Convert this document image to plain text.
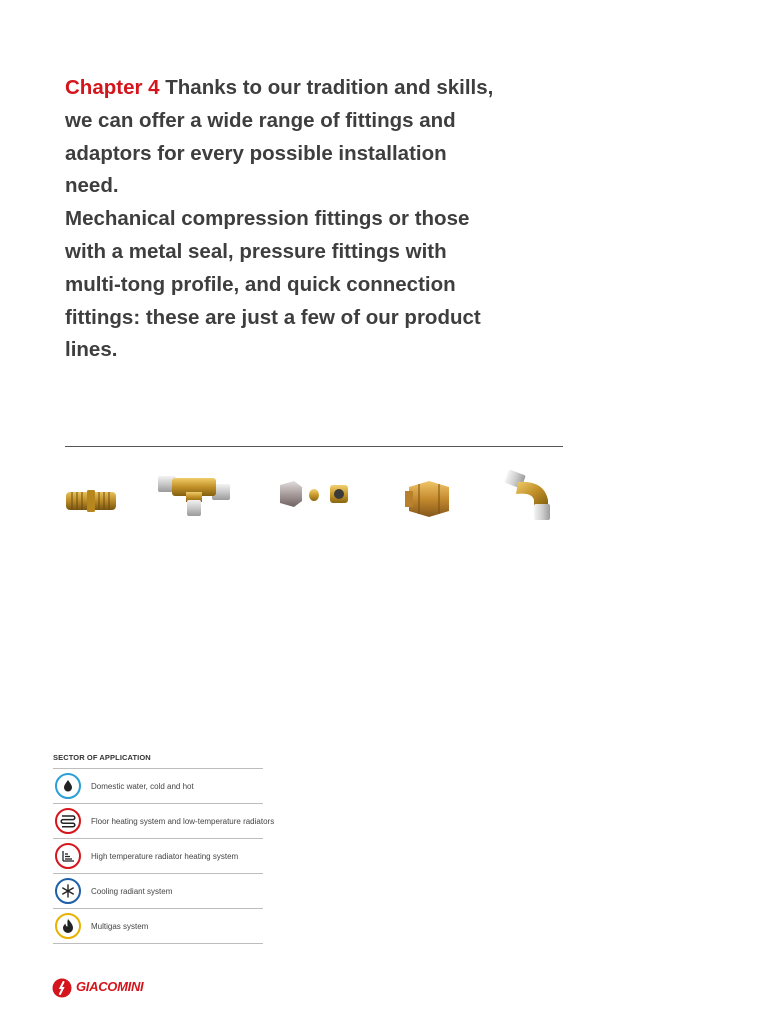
Chapter 4 Thanks to our tradition and skills, we can offer a wide range of fittings and adaptors for every possible installation need.
Mechanical compression fittings or those with a metal seal, pressure fittings with multi-tong profile, and quick connection fittings: these are just a few of our product lines.

SECTOR OF APPLICATION
Domestic water, cold and hot
Floor heating system and low-temperature radiators
High temperature radiator heating system
Cooling radiant system
Multigas system
GIACOMINI
